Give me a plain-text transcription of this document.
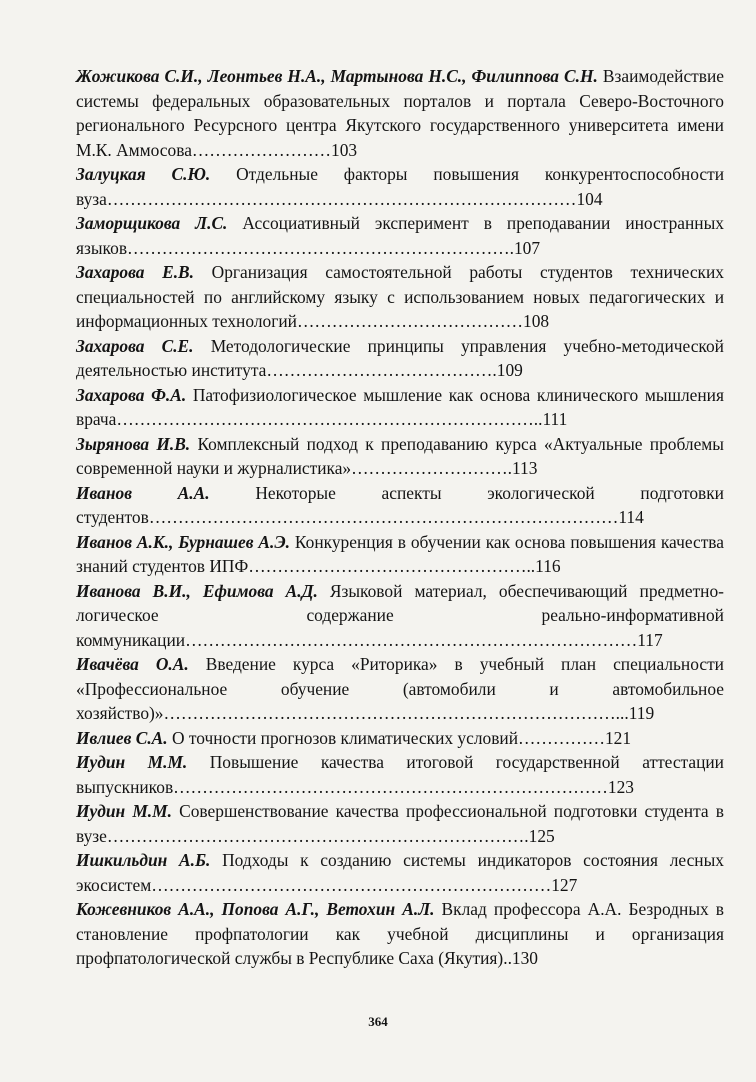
Жожикова С.И., Леонтьев Н.А., Мартынова Н.С., Филиппова С.Н. Взаимодействие системы федеральных образовательных порталов и портала Северо-Восточного регионального Ресурсного центра Якутского государственного университета имени М.К. Аммосова……………………103
Залуцкая С.Ю. Отдельные факторы повышения конкурентоспособности вуза………………………………………………………………………104
Заморщикова Л.С. Ассоциативный эксперимент в преподавании иностранных языков………………………………………………………….107
Захарова Е.В. Организация самостоятельной работы студентов технических специальностей по английскому языку с использованием новых педагогических и информационных технологий…………………………………108
Захарова С.Е. Методологические принципы управления учебно-методической деятельностью института………………………………….109
Захарова Ф.А. Патофизиологическое мышление как основа клинического мышления врача………………………………………………………………..111
Зырянова И.В. Комплексный подход к преподаванию курса «Актуальные проблемы современной науки и журналистика»……………………….113
Иванов А.А.	Некоторые аспекты экологической подготовки студентов………………………………………………………………………114
Иванов А.К., Бурнашев А.Э. Конкуренция в обучении как основа повышения качества знаний студентов ИПФ…………………………………………..116
Иванова В.И., Ефимова А.Д. Языковой материал, обеспечивающий предметно-логическое содержание реально-информативной коммуникации……………………………………………………………………117
Ивачёва О.А. Введение курса «Риторика» в учебный план специальности «Профессиональное обучение (автомобили и автомобильное хозяйство)»……………………………………………………………………...119
Ивлиев С.А. О точности прогнозов климатических условий……………121
Иудин М.М. Повышение качества итоговой государственной аттестации выпускников…………………………………………………………………123
Иудин М.М. Совершенствование качества профессиональной подготовки студента в вузе……………………………………………………………….125
Ишкильдин А.Б. Подходы к созданию системы индикаторов состояния лесных экосистем……………………………………………………………127
Кожевников А.А., Попова А.Г., Ветохин А.Л. Вклад профессора А.А. Безродных в становление профпатологии как учебной дисциплины и организация профпатологической службы в Республике Саха (Якутия)..130
364
